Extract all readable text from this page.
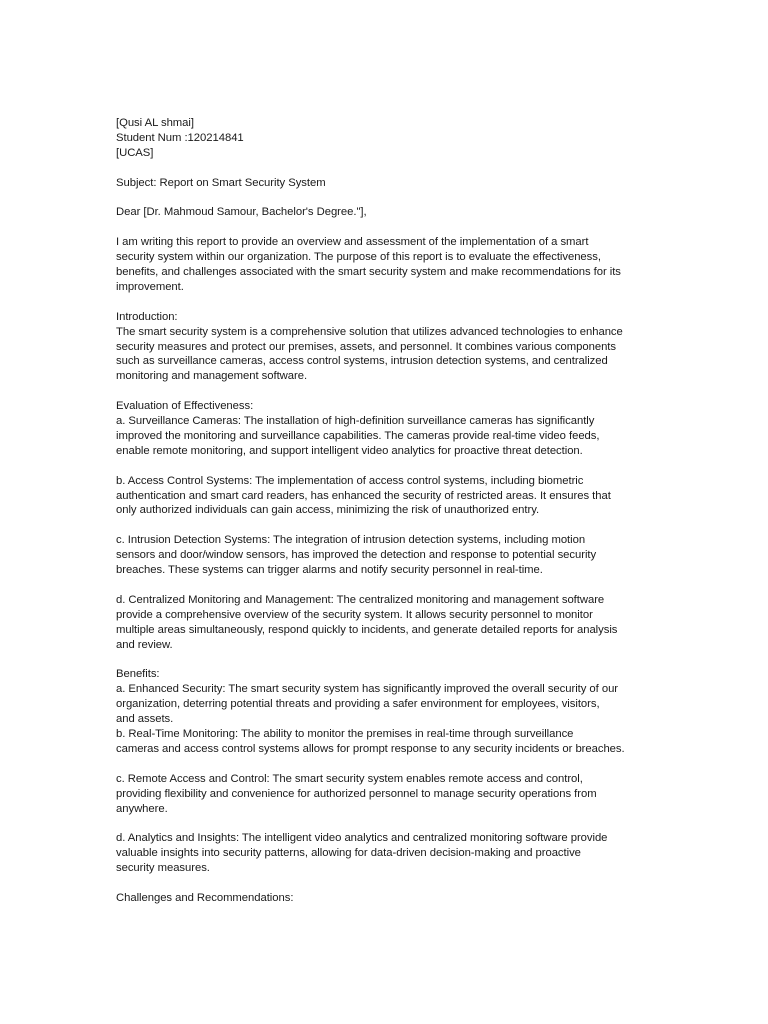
[Qusi AL shmai]
Student Num :120214841
[UCAS]
Subject: Report on Smart Security System
Dear [Dr. Mahmoud Samour, Bachelor's Degree."],
I am writing this report to provide an overview and assessment of the implementation of a smart
security system within our organization. The purpose of this report is to evaluate the effectiveness,
benefits, and challenges associated with the smart security system and make recommendations for its
improvement.
Introduction:
The smart security system is a comprehensive solution that utilizes advanced technologies to enhance
security measures and protect our premises, assets, and personnel. It combines various components
such as surveillance cameras, access control systems, intrusion detection systems, and centralized
monitoring and management software.
Evaluation of Effectiveness:
a. Surveillance Cameras: The installation of high-definition surveillance cameras has significantly
improved the monitoring and surveillance capabilities. The cameras provide real-time video feeds,
enable remote monitoring, and support intelligent video analytics for proactive threat detection.
b. Access Control Systems: The implementation of access control systems, including biometric
authentication and smart card readers, has enhanced the security of restricted areas. It ensures that
only authorized individuals can gain access, minimizing the risk of unauthorized entry.
c. Intrusion Detection Systems: The integration of intrusion detection systems, including motion
sensors and door/window sensors, has improved the detection and response to potential security
breaches. These systems can trigger alarms and notify security personnel in real-time.
d. Centralized Monitoring and Management: The centralized monitoring and management software
provide a comprehensive overview of the security system. It allows security personnel to monitor
multiple areas simultaneously, respond quickly to incidents, and generate detailed reports for analysis
and review.
Benefits:
a. Enhanced Security: The smart security system has significantly improved the overall security of our
organization, deterring potential threats and providing a safer environment for employees, visitors,
and assets.
b. Real-Time Monitoring: The ability to monitor the premises in real-time through surveillance
cameras and access control systems allows for prompt response to any security incidents or breaches.
c. Remote Access and Control: The smart security system enables remote access and control,
providing flexibility and convenience for authorized personnel to manage security operations from
anywhere.
d. Analytics and Insights: The intelligent video analytics and centralized monitoring software provide
valuable insights into security patterns, allowing for data-driven decision-making and proactive
security measures.
Challenges and Recommendations:
